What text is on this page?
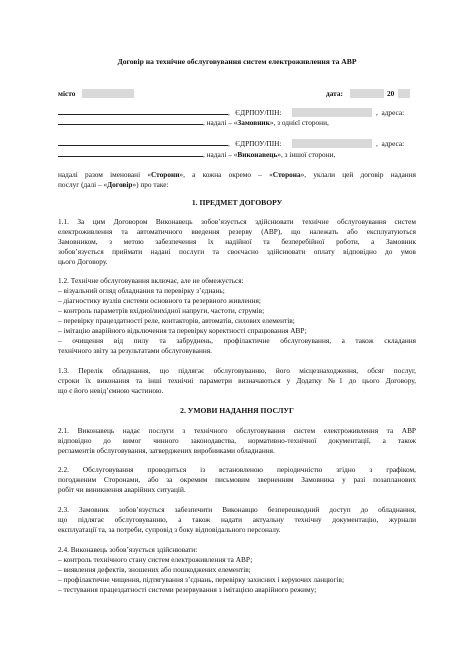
Договір на технічне обслуговування систем електроживлення та АВР
місто	дата:	20
,   ЄДРПОУ/ПІН:	,  адреса:
, надалі – «Замовник», з однієї сторони,
,   ЄДРПОУ/ПІН:	,  адреса:
, надалі – «Виконавець», з іншої сторони,
надалі разом іменовані «Сторони», а кожна окремо – «Сторона», уклали цей договір надання
послуг (далі – «Договір») про таке:
1. ПРЕДМЕТ ДОГОВОРУ
1.1. За цим Договором Виконавець зобов’язується здійснювати технічне обслуговування систем
електроживлення та автоматичного введення резерву (АВР), що належать або експлуатуються
Замовником, з метою забезпечення їх надійної та безперебійної роботи, а Замовник
зобов’язується приймати надані послуги та своєчасно здійснювати оплату відповідно до умов
цього Договору.
1.2. Технічне обслуговування включає, але не обмежується:
– візуальний огляд обладнання та перевірку з’єднань;
– діагностику вузлів системи основного та резервного живлення;
– контроль параметрів вхідної/вихідної напруги, частоти, струмів;
– перевірку працездатності реле, контакторів, автоматів, силових елементів;
– імітацію аварійного відключення та перевірку коректності спрацювання АВР;
– очищення від пилу та забруднень, профілактичне обслуговування, а також складання
технічного звіту за результатами обслуговування.
1.3. Перелік обладнання, що підлягає обслуговуванню, його місцезнаходження, обсяг послуг,
строки їх виконання та інші технічні параметри визначаються у Додатку №1 до цього Договору,
що є його невід’ємною частиною.
2. УМОВИ НАДАННЯ ПОСЛУГ
2.1. Виконавець надає послуги з технічного обслуговування систем електроживлення та АВР
відповідно до вимог чинного законодавства, нормативно-технічної документації, а також
регламентів обслуговування, затверджених виробниками обладнання.
2.2. Обслуговування проводиться із встановленою періодичністю згідно з графіком,
погодженим Сторонами, або за окремим письмовим зверненням Замовника у разі позапланових
робіт чи виникнення аварійних ситуацій.
2.3. Замовник зобов’язується забезпечити Виконавцю безперешкодний доступ до обладнання,
що підлягає обслуговуванню, а також надати актуальну технічну документацію, журнали
експлуатації та, за потреби, супровід з боку відповідального персоналу.
2.4. Виконавець зобов’язується здійснювати:
– контроль технічного стану систем електроживлення та АВР;
– виявлення дефектів, зношених або пошкоджених елементів;
– профілактичне чищення, підтягування з’єднань, перевірку захисних і керуючих ланцюгів;
– тестування працездатності системи резервування з імітацією аварійного режиму;
